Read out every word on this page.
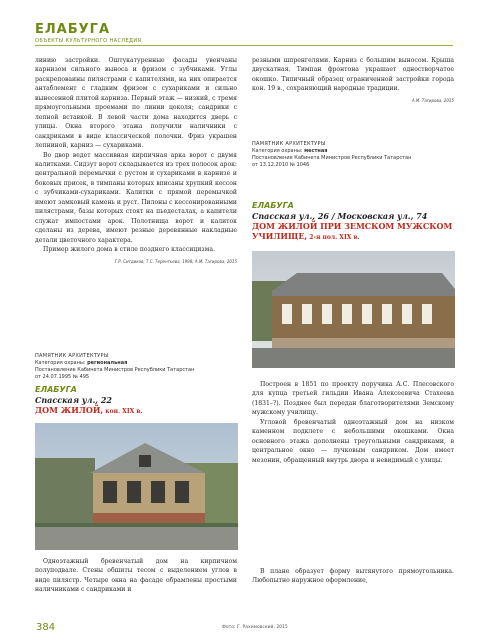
ЕЛАБУГА
ОБЪЕКТЫ КУЛЬТУРНОГО НАСЛЕДИЯ

линию застройки. Оштукатуренные фасады увенчаны карнизом сильного выноса и фризом с зубчиками. Углы раскреповаины пилястрами с капителями, на них опирается антаблемент с гладким фризом с сухариками и сильно вынесенной плитой карниза. Первый этаж — низкий, с тремя прямоугольными проемами по линии цоколя; сандрики с лепной вставкой. В левой части дома находится дверь с улицы. Окна второго этажа получили наличники с сандриками в виде классической полочки. Фриз украшен лепниной, карниз — сухариками.

Во двор ведет массивная кирпичная арка ворот с двумя калитками. Сидзут ворот складывается из трех полосок арок: центральной перемычки с рустом и сухариками в карнизе и боковых присек, в тимпаны которых вписаны хрупкий кессон с зубчиками-сухариками. Калитки с прямой перемычкой имеют замковый камень и руст. Пилоны с кессонированными пилястрами, базы которых стоят на пьедесталах, а капители служат импостами арок. Полотнища ворот и калиток сделаны из дерева, имеют резные деревянные накладные детали цветочного характера.

Пример жилого дома в стиле позднего классицизма.

Г.Р. Ситдиков, Т.С. Терентьева, 1998; А.М. Тагирова, 2015
ПАМЯТНИК АРХИТЕКТУРЫ
Категория охраны: региональная
Постановление Кабинета Министров Республики Татарстан
от 24.07.1995 № 495
ЕЛАБУГА
Спасская ул., 22
ДОМ ЖИЛОЙ, кон. XIX в.

Одноэтажный бревенчатый дом на кирпичном полуподвале. Стены обшиты тесом с выделением углов в виде пилястр. Четыре окна на фасаде обрамлены простыми наличниками с сандриками и

резными шпренгелями. Карниз с большим выносом. Крыша двускатная. Тимпан фронтона украшает одностворчатое окошко. Типичный образец ограниченной застройки города кон. 19 в., сохраняющий народные традиции.

А.М. Тагирова, 2015
ПАМЯТНИК АРХИТЕКТУРЫ
Категория охраны: местная
Постановление Кабинета Министров Республики Татарстан
от 13.12.2010 № 1046
ЕЛАБУГА
Спасская ул., 26 / Московская ул., 74
ДОМ ЖИЛОЙ ПРИ ЗЕМСКОМ МУЖСКОМ УЧИЛИЩЕ, 2-я пол. XIX в.

Построен в 1851 по проекту поручика А.С. Плесовского для купца третьей гильдии Ивана Алексеевича Стахеева (1831–?). Позднее был передан благотворителями Земскому мужскому училищу.

Угловой бревенчатый одноэтажный дом на низком каменном подклете с небольшими окошками. Окна основного этажа дополнены треугольными сандриками, в центральное окно — лучковым сандриком. Дом имеет мезонин, обращенный внутрь двора и невидимый с улицы.

В плане образует форму вытянутого прямоугольника. Любопытно наружное оформление,

384	Фото: Г. Рахимовский, 2015
